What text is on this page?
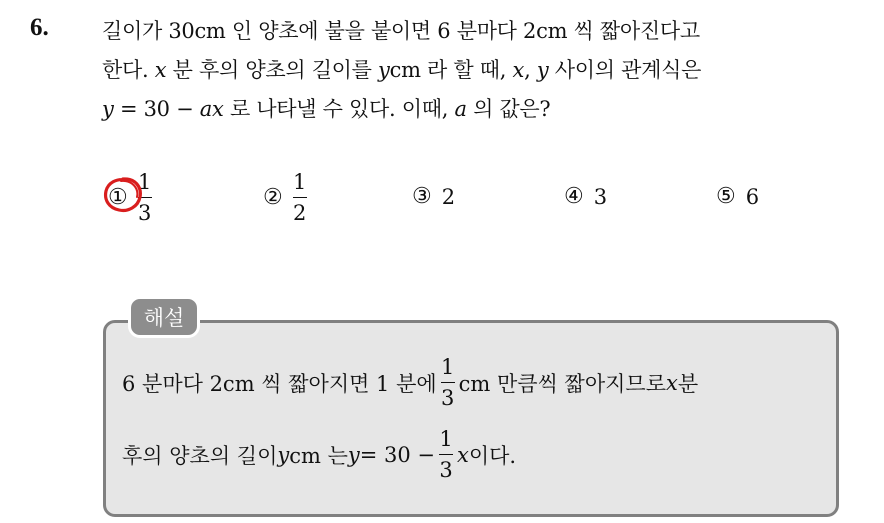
6.	길이가 30cm 인 양초에 불을 붙이면 6 분마다 2cm 씩 짧아진다고
한다. x 분 후의 양초의 길이를 ycm 라 할 때, x, y 사이의 관계식은
y = 30 − ax 로 나타낼 수 있다. 이때, a 의 값은?
① $\frac{1}{3}$	② $\frac{1}{2}$	③ 2	④ 3	⑤ 6
해설
6 분마다 2cm 씩 짧아지면 1 분에 $\frac{1}{3}$ cm 만큼씩 짧아지므로 x 분
후의 양초의 길이 y cm 는 $y = 30 - \frac{1}{3}$ x 이다.
